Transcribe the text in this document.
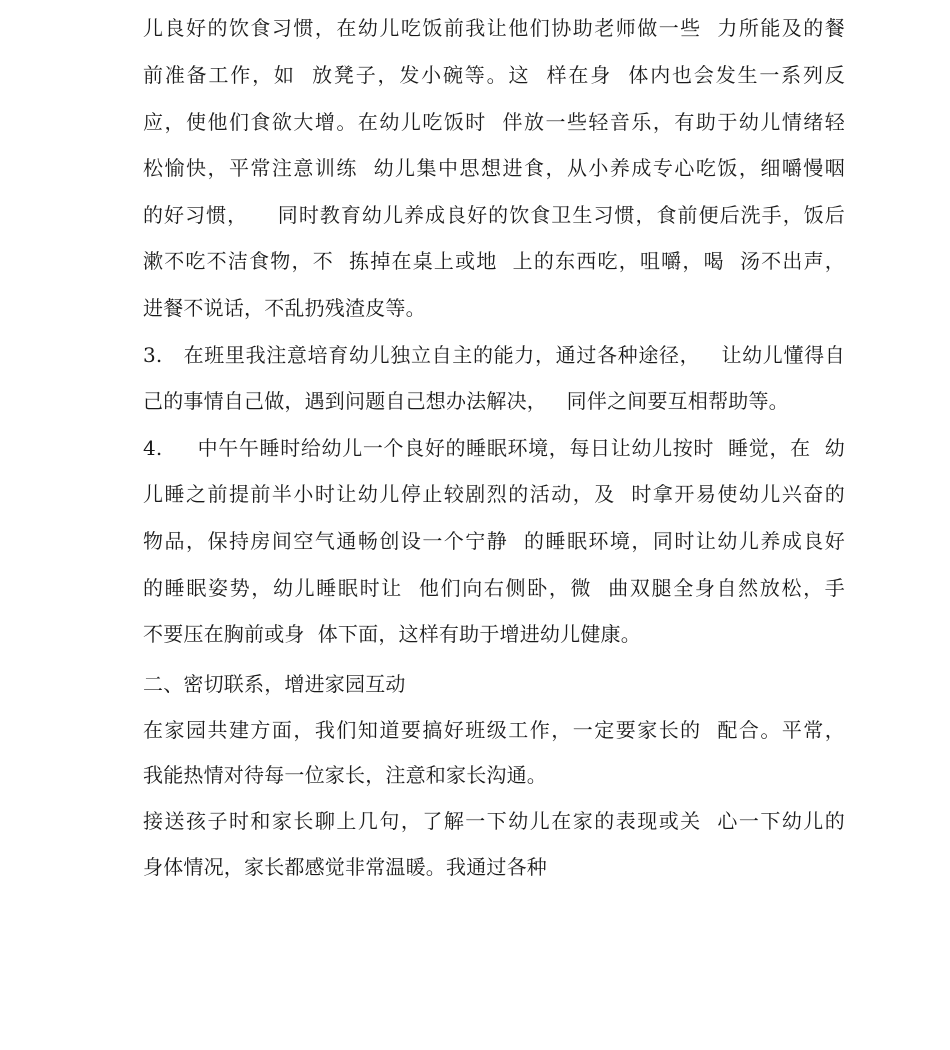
儿良好的饮食习惯，在幼儿吃饭前我让他们协助老师做一些  力所能及的餐
前准备工作，如  放凳子，发小碗等。这  样在身  体内也会发生一系列反
应，使他们食欲大增。在幼儿吃饭时  伴放一些轻音乐，有助于幼儿情绪轻
松愉快，平常注意训练  幼儿集中思想进食，从小养成专心吃饭，细嚼慢咽
的好习惯，    同时教育幼儿养成良好的饮食卫生习惯，食前便后洗手，饭后
漱不吃不洁食物，不  拣掉在桌上或地  上的东西吃，咀嚼，喝  汤不出声，
进餐不说话，不乱扔残渣皮等。
3.   在班里我注意培育幼儿独立自主的能力，通过各种途径，   让幼儿懂得自
己的事情自己做，遇到问题自己想办法解决，   同伴之间要互相帮助等。
4.     中午午睡时给幼儿一个良好的睡眠环境，每日让幼儿按时  睡觉，在  幼
儿睡之前提前半小时让幼儿停止较剧烈的活动，及  时拿开易使幼儿兴奋的
物品，保持房间空气通畅创设一个宁静  的睡眠环境，同时让幼儿养成良好
的睡眠姿势，幼儿睡眠时让  他们向右侧卧，微  曲双腿全身自然放松，手
不要压在胸前或身  体下面，这样有助于增进幼儿健康。
二、密切联系，增进家园互动
在家园共建方面，我们知道要搞好班级工作，一定要家长的  配合。平常，
我能热情对待每一位家长，注意和家长沟通。
接送孩子时和家长聊上几句，了解一下幼儿在家的表现或关  心一下幼儿的
身体情况，家长都感觉非常温暖。我通过各种
